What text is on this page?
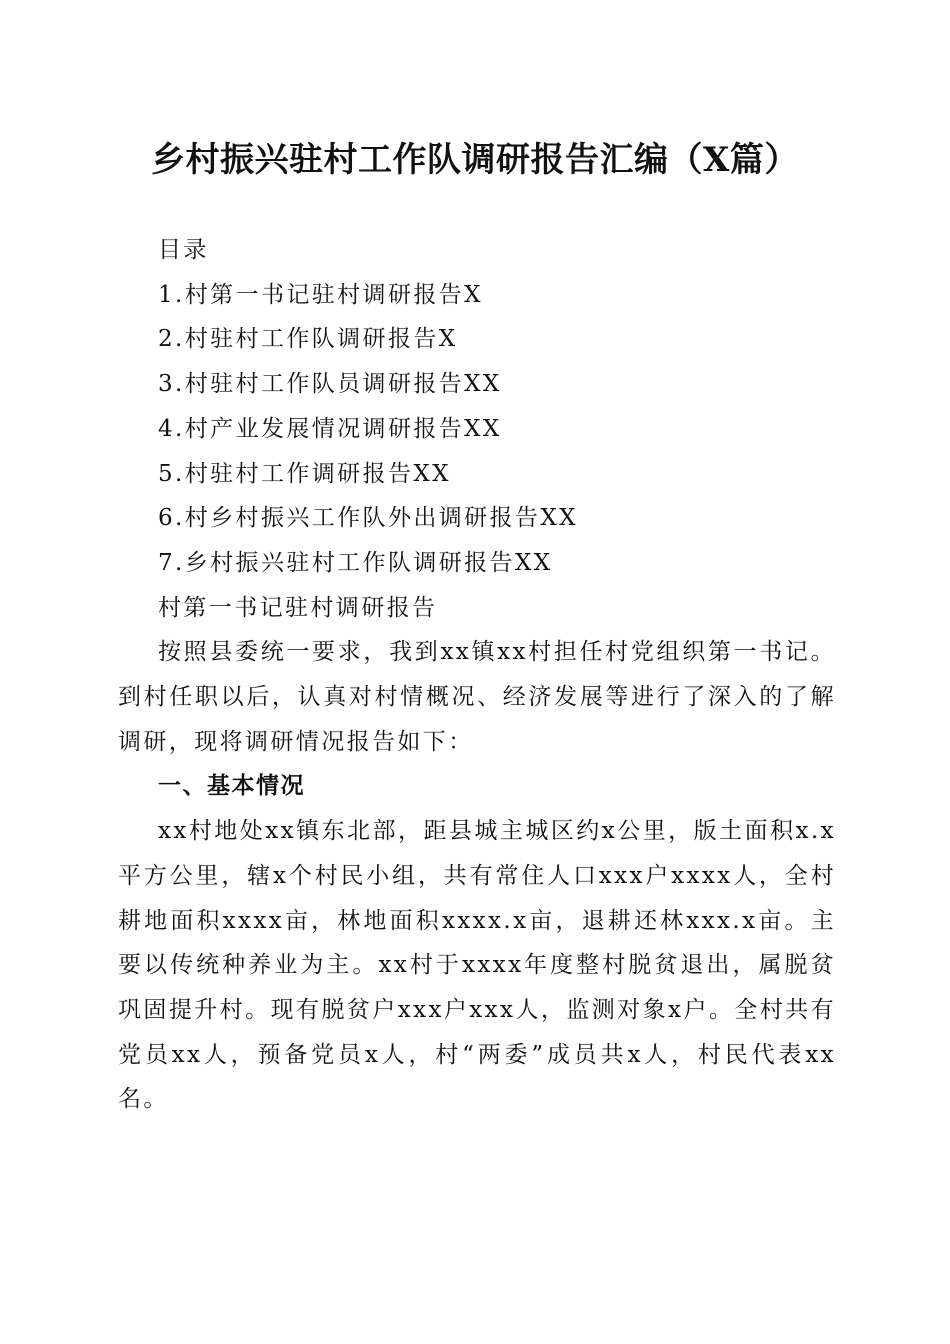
乡村振兴驻村工作队调研报告汇编（X篇）
目录
1.村第一书记驻村调研报告X
2.村驻村工作队调研报告X
3.村驻村工作队员调研报告XX
4.村产业发展情况调研报告XX
5.村驻村工作调研报告XX
6.村乡村振兴工作队外出调研报告XX
7.乡村振兴驻村工作队调研报告XX
村第一书记驻村调研报告
按照县委统一要求，我到xx镇xx村担任村党组织第一书记。到村任职以后，认真对村情概况、经济发展等进行了深入的了解调研，现将调研情况报告如下：
一、基本情况
xx村地处xx镇东北部，距县城主城区约x公里，版土面积x.x平方公里，辖x个村民小组，共有常住人口xxx户xxxx人，全村耕地面积xxxx亩，林地面积xxxx.x亩，退耕还林xxx.x亩。主要以传统种养业为主。xx村于xxxx年度整村脱贫退出，属脱贫巩固提升村。现有脱贫户xxx户xxx人，监测对象x户。全村共有党员xx人，预备党员x人，村“两委”成员共x人，村民代表xx名。
